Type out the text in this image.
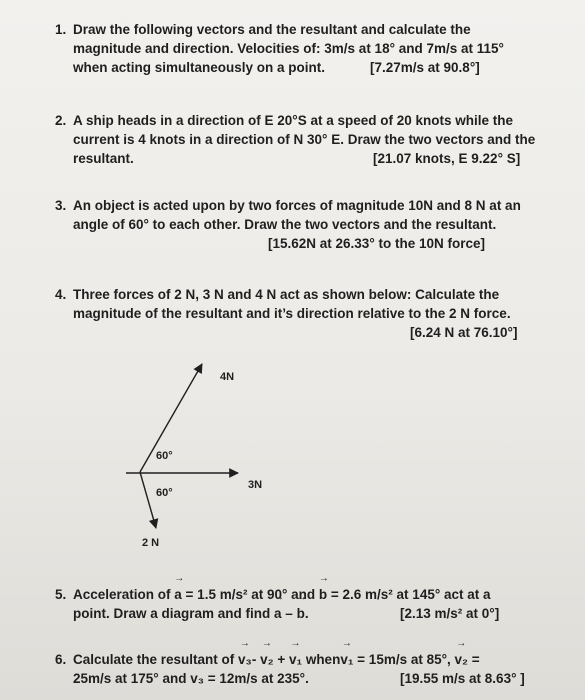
1. Draw the following vectors and the resultant and calculate the
magnitude and direction. Velocities of: 3m/s at 18° and 7m/s at 115°
when acting simultaneously on a point.	[7.27m/s at 90.8°]
2. A ship heads in a direction of E 20°S at a speed of 20 knots while the
current is 4 knots in a direction of N 30° E. Draw the two vectors and the
resultant.	[21.07 knots, E 9.22° S]
3. An object is acted upon by two forces of magnitude 10N and 8 N at an
angle of 60° to each other. Draw the two vectors and the resultant.
[15.62N at 26.33° to the 10N force]
4. Three forces of 2 N, 3 N and 4 N act as shown below: Calculate the
magnitude of the resultant and it’s direction relative to the 2 N force.
[6.24 N at 76.10°]
4N
3N
2 N
60°
60°
5. Acceleration of → a = 1.5 m/s² at 90° and → b = 2.6 m/s² at 145° act at a
point. Draw a diagram and find → a – → b.	[2.13 m/s² at 0°]
6. Calculate the resultant of → v₃- → v₂ + → v₁ when→ v₁ = 15m/s at 85°, → v₂ =
25m/s at 175° and → v₃ = 12m/s at 235°.	[19.55 m/s at 8.63° ]
